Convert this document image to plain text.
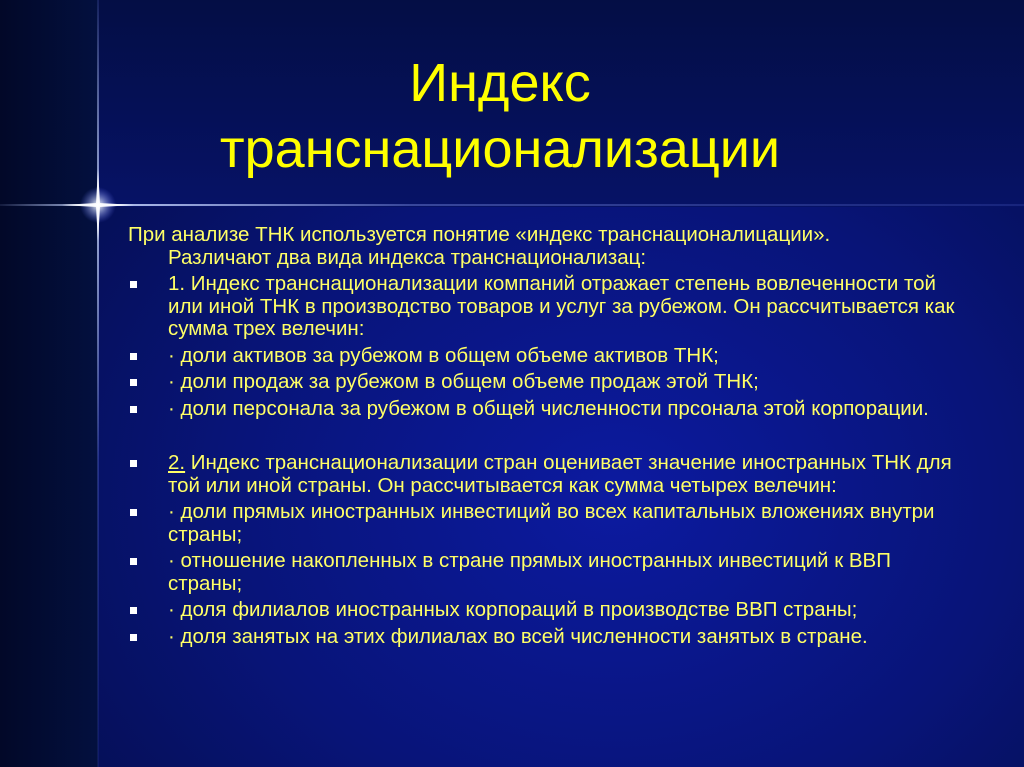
Индекс
транснационализации
При анализе ТНК используется понятие «индекс транснационалицации».
Различают два вида индекса транснационализац:
1. Индекс транснационализации компаний отражает степень вовлеченности той или иной ТНК в производство товаров и услуг за рубежом. Он рассчитывается как сумма трех велечин:
· доли активов за рубежом в общем объеме активов ТНК;
· доли продаж за рубежом в общем объеме продаж этой ТНК;
· доли персонала за рубежом в общей численности прсонала этой корпорации.
2. Индекс транснационализации стран оценивает значение иностранных ТНК для той или иной страны. Он рассчитывается как сумма четырех велечин:
· доли прямых иностранных инвестиций во всех капитальных вложениях внутри страны;
· отношение накопленных в стране прямых иностранных инвестиций к ВВП страны;
· доля филиалов иностранных корпораций в производстве ВВП страны;
· доля занятых на этих филиалах во всей численности занятых в стране.
